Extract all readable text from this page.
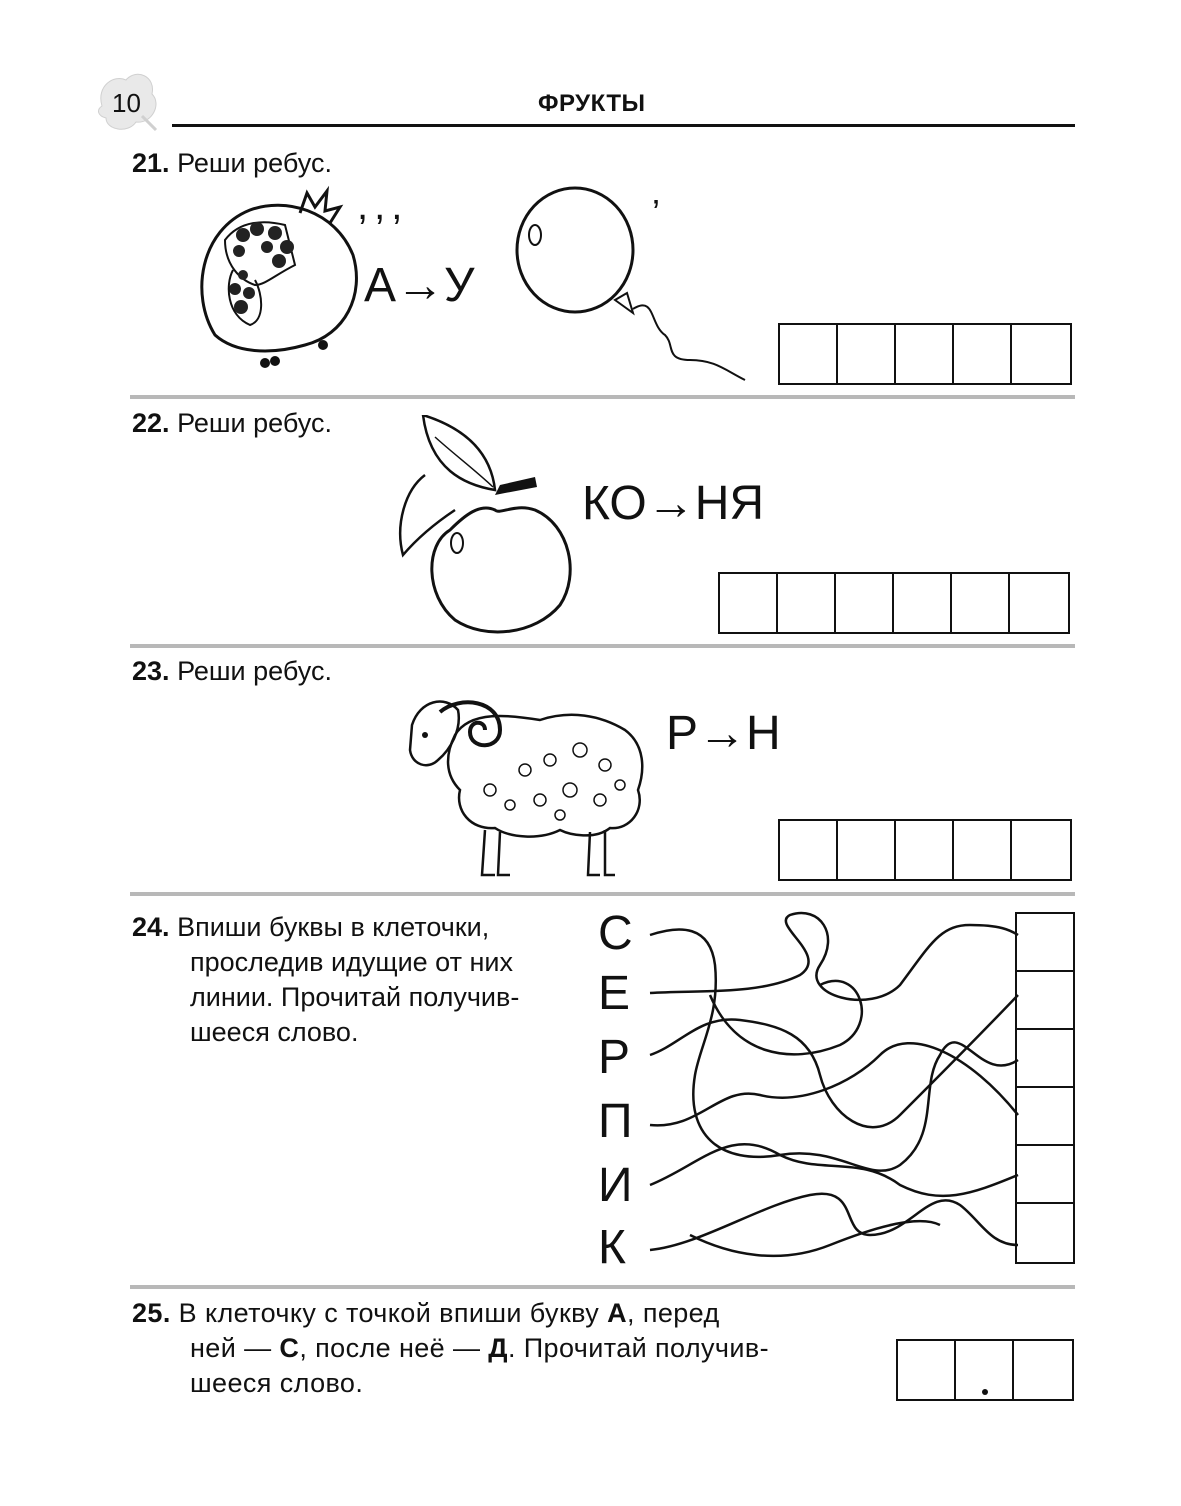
10	ФРУКТЫ
21. Реши ребус.
,,,
А→У
’
22. Реши ребус.
КО→НЯ
23. Реши ребус.
Р→Н
24. Впиши буквы в клеточки,
проследив идущие от них
линии. Прочитай получив-
шееся слово.
С
Е
Р
П
И
К
25. В клеточку с точкой впиши букву А, перед
ней — С, после неё — Д. Прочитай получив-
шееся слово.
